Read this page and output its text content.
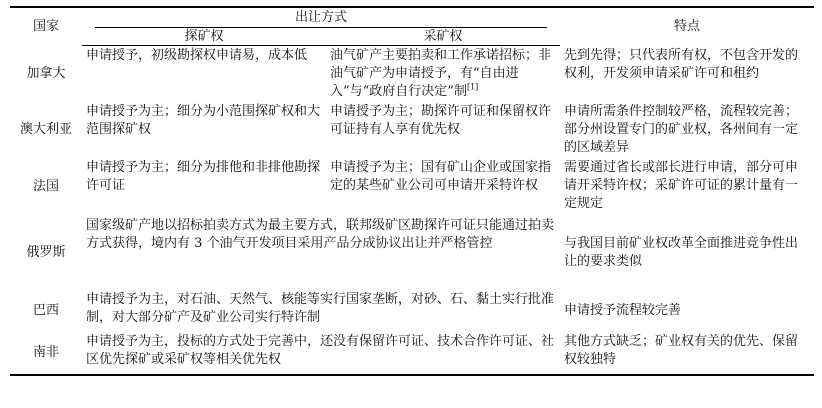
国家	出让方式		特点
	探矿权	采矿权	
加拿大	申请授予，初级勘探权申请易，成本低	油气矿产主要拍卖和工作承诺招标；非油气矿产为申请授予，有“自由进入”与“政府自行决定”制[1]	先到先得；只代表所有权，不包含开发的权利，开发须申请采矿许可和租约
澳大利亚	申请授予为主；细分为小范围探矿权和大范围探矿权	申请授予为主；勘探许可证和保留权许可证持有人享有优先权	申请所需条件控制较严格，流程较完善；部分州设置专门的矿业权，各州间有一定的区域差异
法国	申请授予为主；细分为排他和非排他勘探许可证	申请授予为主；国有矿山企业或国家指定的某些矿业公司可申请开采特许权	需要通过省长或部长进行申请，部分可申请开采特许权；采矿许可证的累计量有一定规定
俄罗斯	国家级矿产地以招标拍卖方式为最主要方式，联邦级矿区勘探许可证只能通过拍卖方式获得，境内有 3 个油气开发项目采用产品分成协议出让并严格管控		与我国目前矿业权改革全面推进竞争性出让的要求类似
巴西	申请授予为主，对石油、天然气、核能等实行国家垄断，对砂、石、黏土实行批准制，对大部分矿产及矿业公司实行特许制		申请授予流程较完善
南非	申请授予为主，投标的方式处于完善中，还没有保留许可证、技术合作许可证、社区优先探矿或采矿权等相关优先权		其他方式缺乏；矿业权有关的优先、保留权较独特
